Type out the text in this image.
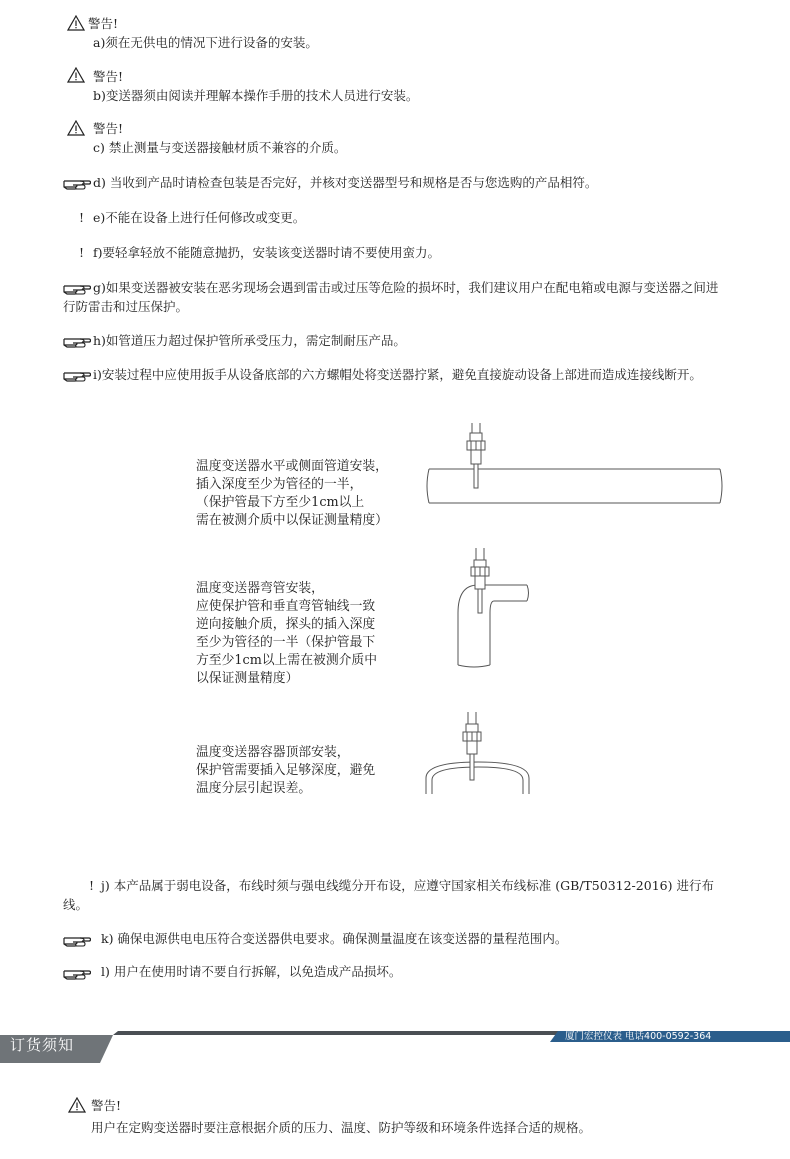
警告!
a)须在无供电的情况下进行设备的安装。
警告!
b)变送器须由阅读并理解本操作手册的技术人员进行安装。
警告!
c) 禁止测量与变送器接触材质不兼容的介质。
d) 当收到产品时请检查包装是否完好，并核对变送器型号和规格是否与您选购的产品相符。
! e)不能在设备上进行任何修改或变更。
! f)要轻拿轻放不能随意抛扔，安装该变送器时请不要使用蛮力。
g)如果变送器被安装在恶劣现场会遇到雷击或过压等危险的损坏时，我们建议用户在配电箱或电源与变送器之间进行防雷击和过压保护。
h)如管道压力超过保护管所承受压力，需定制耐压产品。
i)安装过程中应使用扳手从设备底部的六方螺帽处将变送器拧紧，避免直接旋动设备上部进而造成连接线断开。
温度变送器水平或侧面管道安装，
插入深度至少为管径的一半，
（保护管最下方至少1cm以上
需在被测介质中以保证测量精度）
温度变送器弯管安装，
应使保护管和垂直弯管轴线一致
逆向接触介质，探头的插入深度
至少为管径的一半（保护管最下
方至少1cm以上需在被测介质中
以保证测量精度）
温度变送器容器顶部安装，
保护管需要插入足够深度，避免
温度分层引起误差。
! j) 本产品属于弱电设备，布线时须与强电线缆分开布设，应遵守国家相关布线标准 (GB/T50312-2016) 进行布线。
k) 确保电源供电电压符合变送器供电要求。确保测量温度在该变送器的量程范围内。
l) 用户在使用时请不要自行拆解，以免造成产品损坏。
订货须知	厦门宏控仪表 电话400-0592-364
警告!
用户在定购变送器时要注意根据介质的压力、温度、防护等级和环境条件选择合适的规格。
